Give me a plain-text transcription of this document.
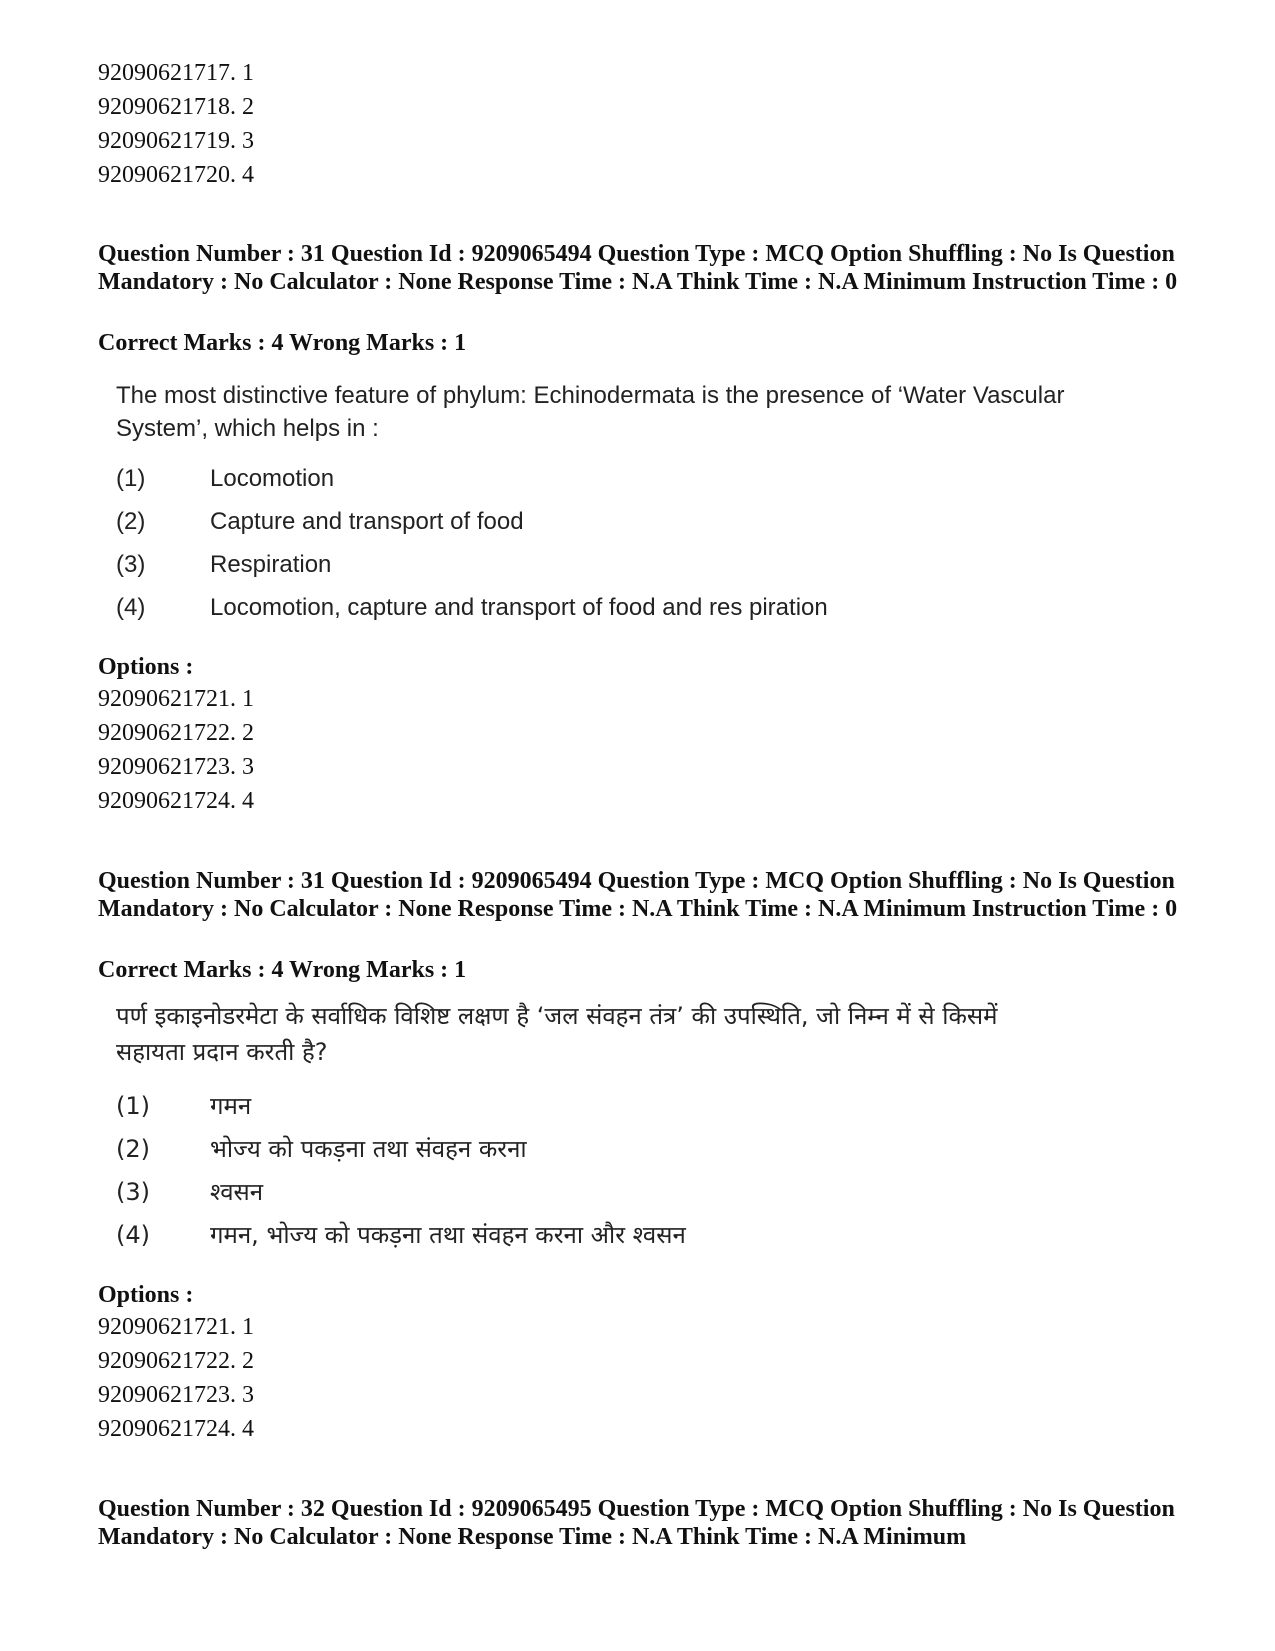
92090621717. 1
92090621718. 2
92090621719. 3
92090621720. 4
Question Number : 31 Question Id : 9209065494 Question Type : MCQ Option Shuffling : No Is Question Mandatory : No Calculator : None Response Time : N.A Think Time : N.A Minimum Instruction Time : 0
Correct Marks : 4 Wrong Marks : 1
The most distinctive feature of phylum: Echinodermata is the presence of ‘Water Vascular
System’, which helps in :
(1)	Locomotion
(2)	Capture and transport of food
(3)	Respiration
(4)	Locomotion, capture and transport of food and res piration
Options :
92090621721. 1
92090621722. 2
92090621723. 3
92090621724. 4
Question Number : 31 Question Id : 9209065494 Question Type : MCQ Option Shuffling : No Is Question Mandatory : No Calculator : None Response Time : N.A Think Time : N.A Minimum Instruction Time : 0
Correct Marks : 4 Wrong Marks : 1
पर्ण इकाइनोडरमेटा के सर्वाधिक विशिष्ट लक्षण है ‘जल संवहन तंत्र’ की उपस्थिति, जो निम्न में से किसमें
सहायता प्रदान करती है?
(1)	गमन
(2)	भोज्य को पकड़ना तथा संवहन करना
(3)	श्वसन
(4)	गमन, भोज्य को पकड़ना तथा संवहन करना और श्वसन
Options :
92090621721. 1
92090621722. 2
92090621723. 3
92090621724. 4
Question Number : 32 Question Id : 9209065495 Question Type : MCQ Option Shuffling : No Is Question Mandatory : No Calculator : None Response Time : N.A Think Time : N.A Minimum
